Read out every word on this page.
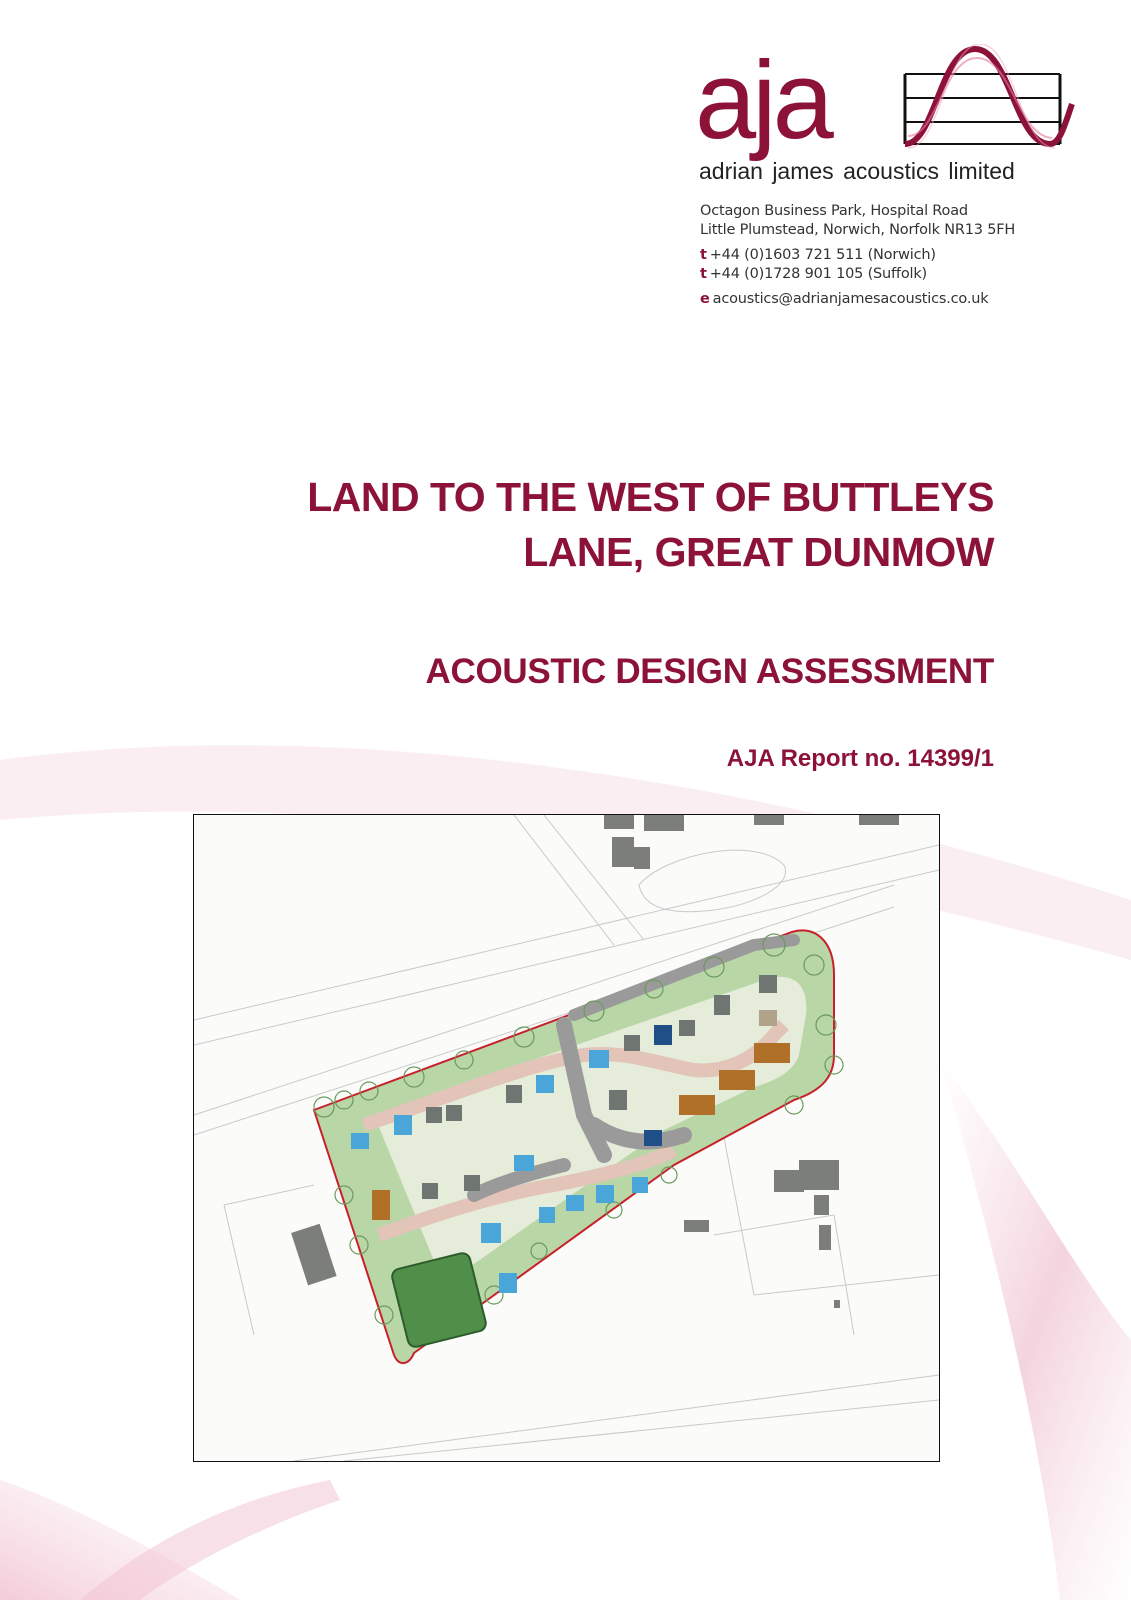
aja
adrian james acoustics limited
Octagon Business Park, Hospital Road
Little Plumstead, Norwich, Norfolk NR13 5FH
t +44 (0)1603 721 511 (Norwich)
t +44 (0)1728 901 105 (Suffolk)
e acoustics@adrianjamesacoustics.co.uk
LAND TO THE WEST OF BUTTLEYS
LANE, GREAT DUNMOW
ACOUSTIC DESIGN ASSESSMENT
AJA Report no. 14399/1
